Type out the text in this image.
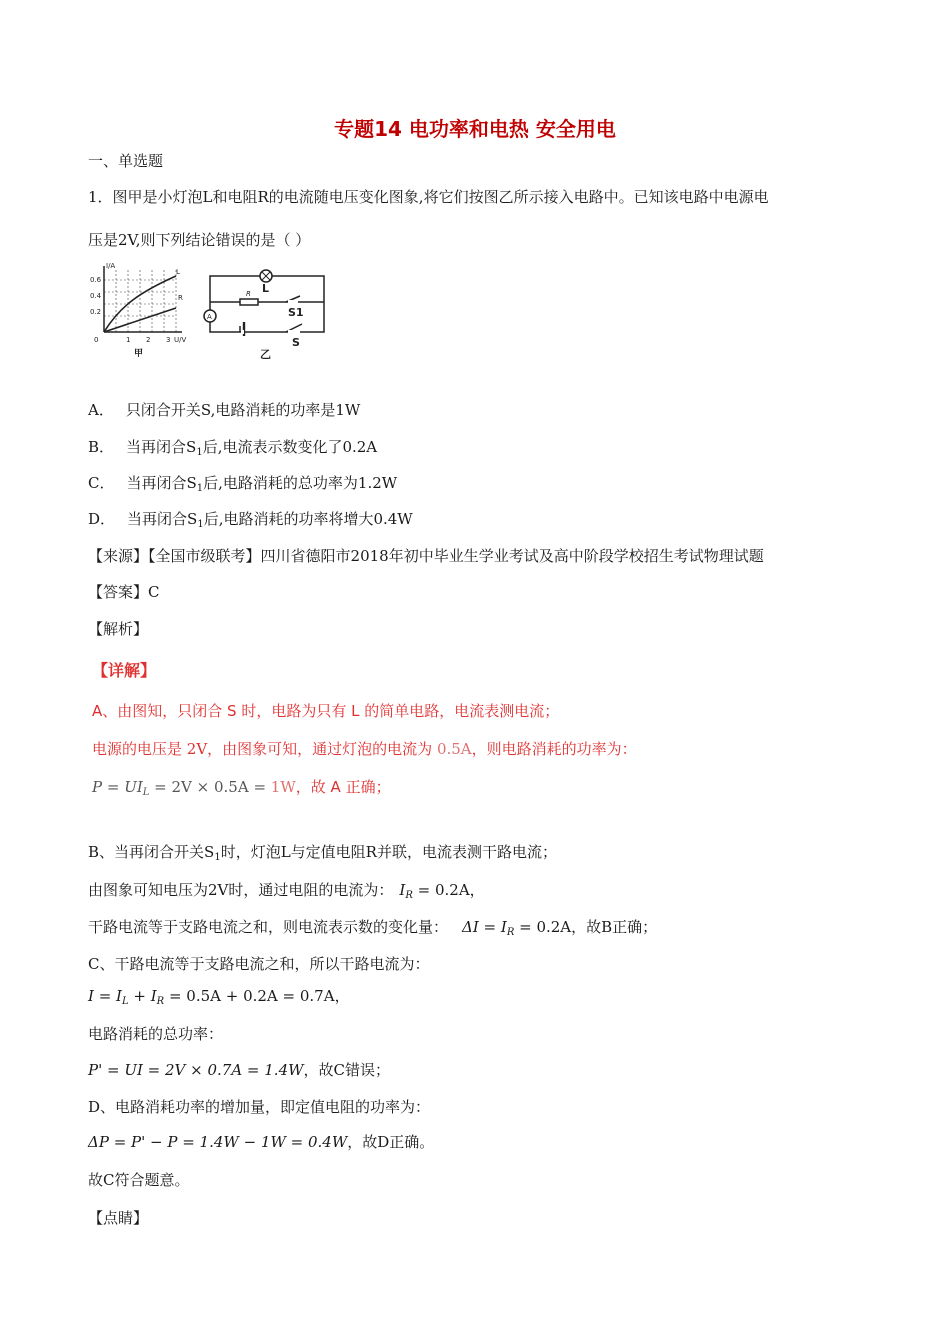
专题14 电功率和电热 安全用电
一、单选题
1．图甲是小灯泡L和电阻R的电流随电压变化图象,将它们按图乙所示接入电路中。已知该电路中电源电
压是2V,则下列结论错误的是（ ）
I/A
0.6
0.4
0.2
0	1 2 3 U/V
L
R
甲
L
R
S1
A
S
乙
A． 只闭合开关S,电路消耗的功率是1W
B． 当再闭合$S_1$后,电流表示数变化了0.2A
C． 当再闭合$S_1$后,电路消耗的总功率为1.2W
D． 当再闭合$S_1$后,电路消耗的功率将增大0.4W
【来源】【全国市级联考】四川省德阳市2018年初中毕业生学业考试及高中阶段学校招生考试物理试题
【答案】C
【解析】
【详解】
A、由图知，只闭合 S 时，电路为只有 L 的简单电路，电流表测电流；
电源的电压是 2V，由图象可知，通过灯泡的电流为 0.5A，则电路消耗的功率为：
$P = UI_L = 2V \times 0.5A = 1W$，故 A 正确；
B、当再闭合开关$S_1$时，灯泡L与定值电阻R并联，电流表测干路电流；
由图象可知电压为2V时，通过电阻的电流为： $I_R = 0.2A$，
干路电流等于支路电流之和，则电流表示数的变化量： $\Delta I = I_R = 0.2A$，故B正确；
C、干路电流等于支路电流之和，所以干路电流为：
$I = I_L + I_R = 0.5A + 0.2A = 0.7A$，
电路消耗的总功率：
P' = UI = 2V × 0.7A = 1.4W，故C错误；
D、电路消耗功率的增加量，即定值电阻的功率为：
ΔP = P' − P = 1.4W − 1W = 0.4W，故D正确。
故C符合题意。
【点睛】
